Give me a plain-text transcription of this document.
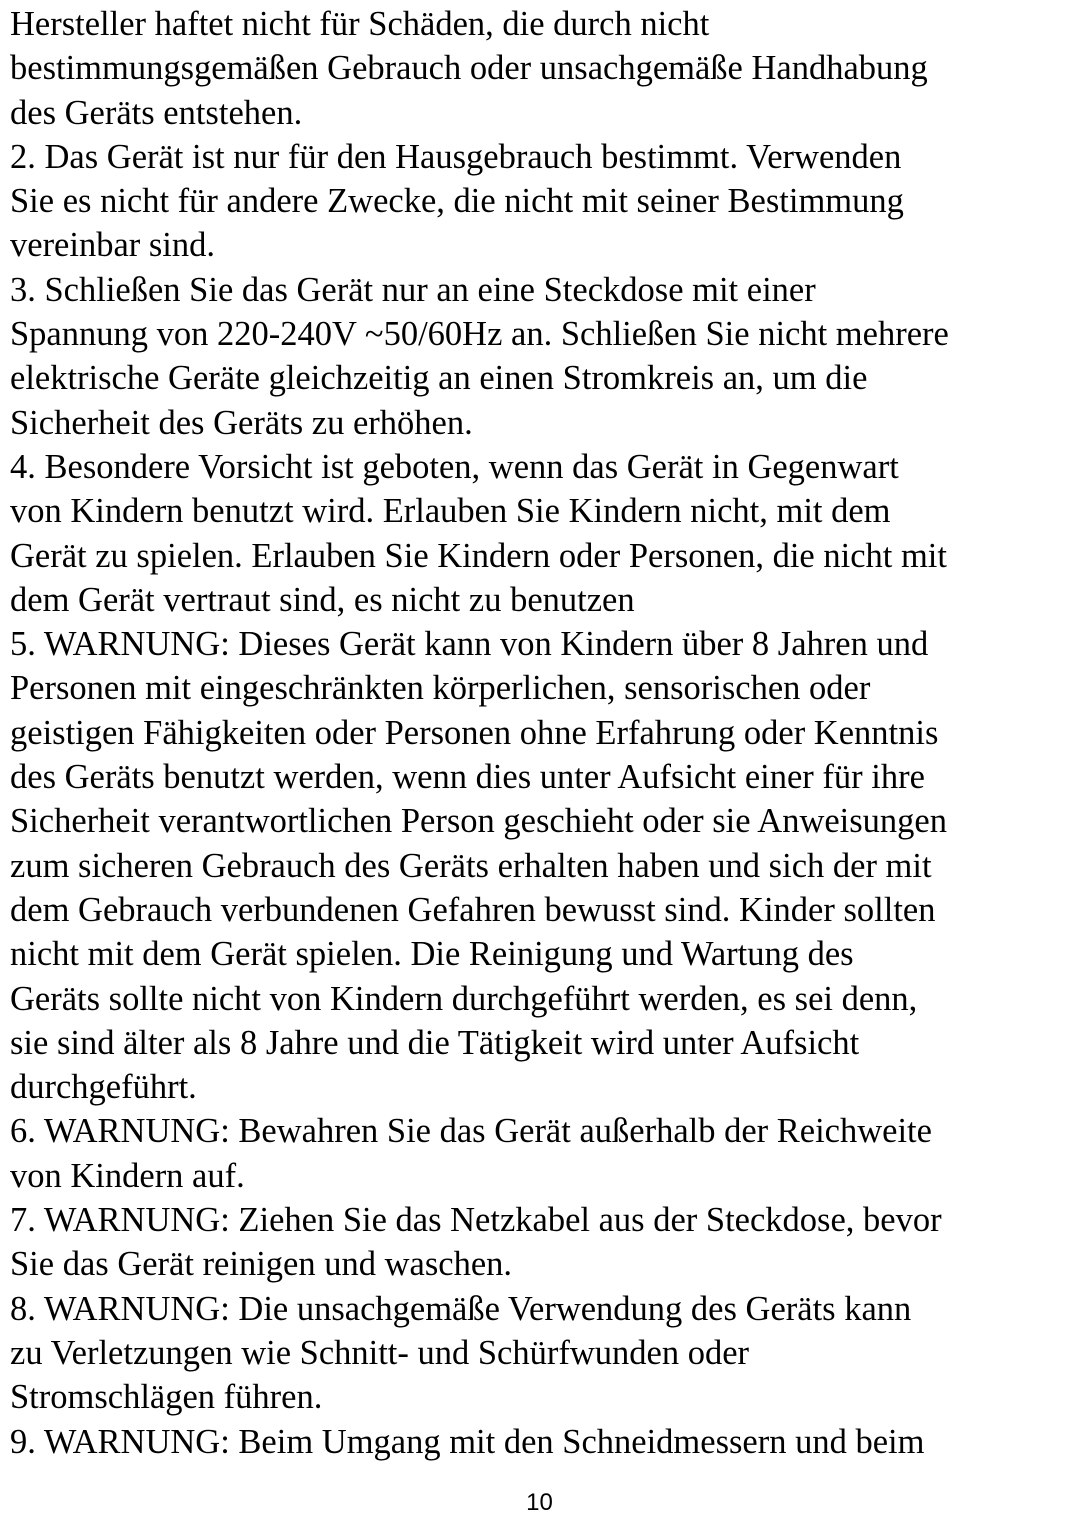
Hersteller haftet nicht für Schäden, die durch nicht
bestimmungsgemäßen Gebrauch oder unsachgemäße Handhabung
des Geräts entstehen.
2. Das Gerät ist nur für den Hausgebrauch bestimmt. Verwenden
Sie es nicht für andere Zwecke, die nicht mit seiner Bestimmung
vereinbar sind.
3. Schließen Sie das Gerät nur an eine Steckdose mit einer
Spannung von 220-240V ~50/60Hz an. Schließen Sie nicht mehrere
elektrische Geräte gleichzeitig an einen Stromkreis an, um die
Sicherheit des Geräts zu erhöhen.
4. Besondere Vorsicht ist geboten, wenn das Gerät in Gegenwart
von Kindern benutzt wird. Erlauben Sie Kindern nicht, mit dem
Gerät zu spielen. Erlauben Sie Kindern oder Personen, die nicht mit
dem Gerät vertraut sind, es nicht zu benutzen
5. WARNUNG: Dieses Gerät kann von Kindern über 8 Jahren und
Personen mit eingeschränkten körperlichen, sensorischen oder
geistigen Fähigkeiten oder Personen ohne Erfahrung oder Kenntnis
des Geräts benutzt werden, wenn dies unter Aufsicht einer für ihre
Sicherheit verantwortlichen Person geschieht oder sie Anweisungen
zum sicheren Gebrauch des Geräts erhalten haben und sich der mit
dem Gebrauch verbundenen Gefahren bewusst sind. Kinder sollten
nicht mit dem Gerät spielen. Die Reinigung und Wartung des
Geräts sollte nicht von Kindern durchgeführt werden, es sei denn,
sie sind älter als 8 Jahre und die Tätigkeit wird unter Aufsicht
durchgeführt.
6. WARNUNG: Bewahren Sie das Gerät außerhalb der Reichweite
von Kindern auf.
7. WARNUNG: Ziehen Sie das Netzkabel aus der Steckdose, bevor
Sie das Gerät reinigen und waschen.
8. WARNUNG: Die unsachgemäße Verwendung des Geräts kann
zu Verletzungen wie Schnitt- und Schürfwunden oder
Stromschlägen führen.
9. WARNUNG: Beim Umgang mit den Schneidmessern und beim
10
